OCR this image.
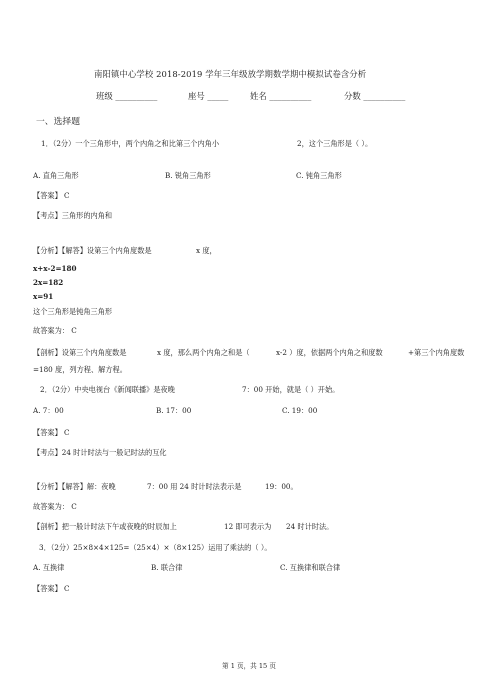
南阳镇中心学校 2018-2019 学年三年级放学期数学期中模拟试卷含分析
班级 __________	座号 _____	姓名 __________	分数 __________
一、选择题
1．（2分）一个三角形中，两个内角之和比第三个内角小	2，这个三角形是（ ）。
A. 直角三角形	B. 锐角三角形	C. 钝角三角形
【答案】 C
【考点】三角形的内角和
【分析】【解答】设第三个内角度数是	x 度，
x+x-2=180
2x=182
x=91
这个三角形是钝角三角形
故答案为： C
【剖析】设第三个内角度数是	x 度，那么两个内角之和是（	x-2 ）度，依据两个内角之和度数	+第三个内角度数
=180 度，列方程、解方程。
2．（2分）中央电视台《新闻联播》是夜晚	7：00 开始，就是（ ）开始。
A. 7：00	B. 17：00	C. 19：00
【答案】 C
【考点】24 时计时法与一般记时法的互化
【分析】【解答】解：夜晚	7：00 用 24 时计时法表示是	19：00。
故答案为： C
【剖析】把一般计时法下午或夜晚的时辰加上	12 即可表示为 24 时计时法。
3．（2分）25×8×4×125=（25×4）×（8×125）运用了乘法的（ ）。
A. 互换律	B. 联合律	C. 互换律和联合律
【答案】 C
第 1 页，共 15 页
